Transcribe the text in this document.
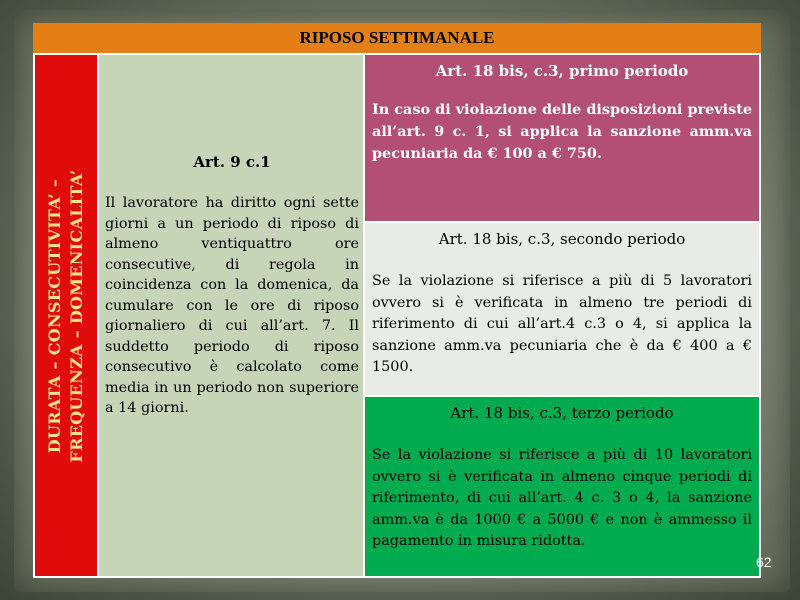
RIPOSO SETTIMANALE
DURATA – CONSECUTIVITA’ – FREQUENZA – DOMENICALITA’
Art. 9 c.1
Il lavoratore ha diritto ogni sette giorni a un periodo di riposo di almeno ventiquattro ore consecutive, di regola in coincidenza con la domenica, da cumulare con le ore di riposo giornaliero di cui all’art. 7. Il suddetto periodo di riposo consecutivo è calcolato come media in un periodo non superiore a 14 giorni.
Art. 18 bis, c.3, primo periodo
In caso di violazione delle disposizioni previste all’art. 9 c. 1, si applica la sanzione amm.va pecuniaria da € 100 a € 750.
Art. 18 bis, c.3, secondo periodo
Se la violazione si riferisce a più di 5 lavoratori ovvero si è verificata in almeno tre periodi di riferimento di cui all’art.4 c.3 o 4, si applica la sanzione amm.va pecuniaria che è da € 400 a € 1500.
Art. 18 bis, c.3, terzo periodo
Se la violazione si riferisce a più di 10 lavoratori ovvero si è verificata in almeno cinque periodi di riferimento, di cui all’art. 4 c. 3 o 4, la sanzione amm.va è da 1000 € a 5000 € e non è ammesso il pagamento in misura ridotta.
62
